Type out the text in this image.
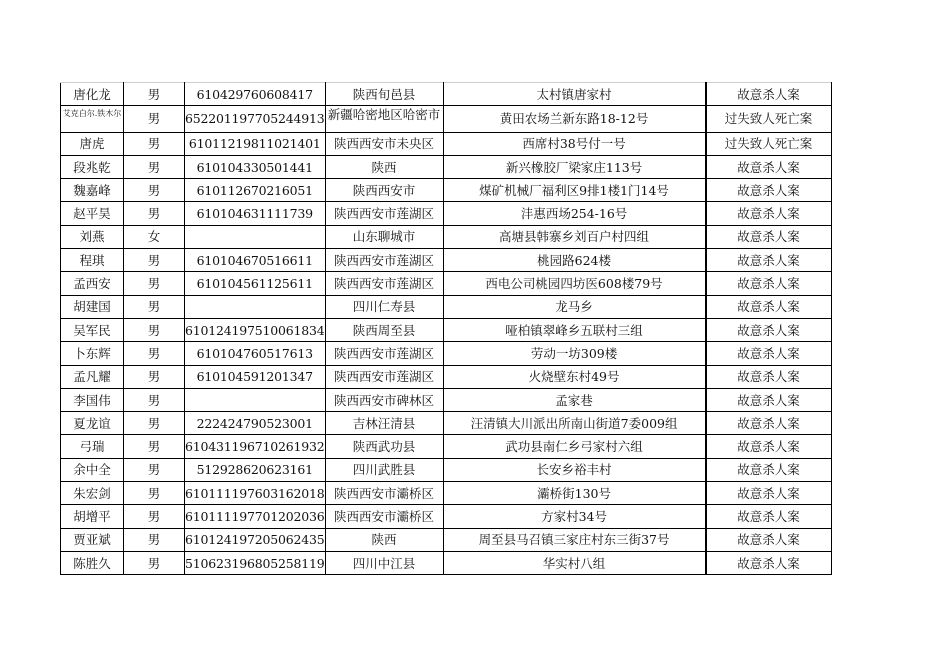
唐化龙	男	610429760608417	陕西旬邑县	太村镇唐家村	故意杀人案
艾克白尔.铁木尔	男	652201197705244913	新疆哈密地区哈密市	黄田农场兰新东路18-12号	过失致人死亡案
唐虎	男	61011219811021401	陕西西安市未央区	西席村38号付一号	过失致人死亡案
段兆乾	男	610104330501441	陕西	新兴橡胶厂梁家庄113号	故意杀人案
魏嘉峰	男	610112670216051	陕西西安市	煤矿机械厂福利区9排1楼1门14号	故意杀人案
赵平昊	男	610104631111739	陕西西安市莲湖区	沣惠西场254-16号	故意杀人案
刘燕	女		山东聊城市	高塘县韩寨乡刘百户村四组	故意杀人案
程琪	男	610104670516611	陕西西安市莲湖区	桃园路624楼	故意杀人案
孟西安	男	610104561125611	陕西西安市莲湖区	西电公司桃园四坊医608楼79号	故意杀人案
胡建国	男		四川仁寿县	龙马乡	故意杀人案
吴军民	男	610124197510061834	陕西周至县	哑柏镇翠峰乡五联村三组	故意杀人案
卜东辉	男	610104760517613	陕西西安市莲湖区	劳动一坊309楼	故意杀人案
孟凡耀	男	610104591201347	陕西西安市莲湖区	火烧壁东村49号	故意杀人案
李国伟	男		陕西西安市碑林区	孟家巷	故意杀人案
夏龙谊	男	222424790523001	吉林汪清县	汪清镇大川派出所南山街道7委009组	故意杀人案
弓瑞	男	610431196710261932	陕西武功县	武功县南仁乡弓家村六组	故意杀人案
余中全	男	512928620623161	四川武胜县	长安乡裕丰村	故意杀人案
朱宏剑	男	610111197603162018	陕西西安市灞桥区	灞桥街130号	故意杀人案
胡增平	男	610111197701202036	陕西西安市灞桥区	方家村34号	故意杀人案
贾亚斌	男	610124197205062435	陕西	周至县马召镇三家庄村东三街37号	故意杀人案
陈胜久	男	510623196805258119	四川中江县	华实村八组	故意杀人案
